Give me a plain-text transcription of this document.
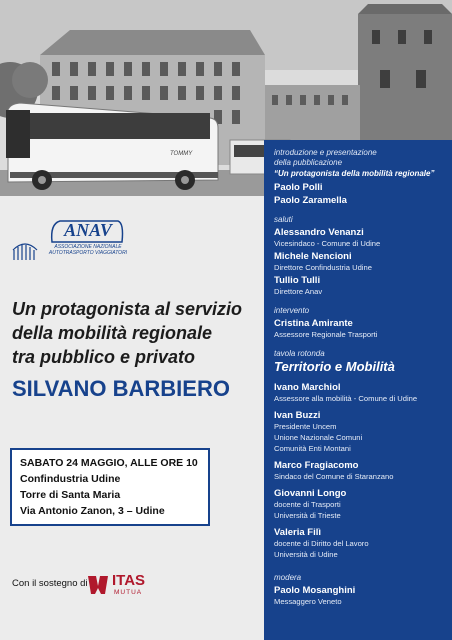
TOMMY
ANAV
ASSOCIAZIONE NAZIONALE
AUTOTRASPORTO VIAGGIATORI
Un protagonista al servizio
della mobilità regionale
tra pubblico e privato
SILVANO BARBIERO
SABATO 24 MAGGIO, ALLE ORE 10
Confindustria Udine
Torre di Santa Maria
Via Antonio Zanon, 3 – Udine
Con il sostegno di ITAS
MUTUA
introduzione e presentazione
della pubblicazione
“Un protagonista della mobilità regionale”
Paolo Polli
Paolo Zaramella
saluti
Alessandro Venanzi
Vicesindaco - Comune di Udine
Michele Nencioni
Direttore Confindustria Udine
Tullio Tulli
Direttore Anav
intervento
Cristina Amirante
Assessore Regionale Trasporti
tavola rotonda
Territorio e Mobilità
Ivano Marchiol
Assessore alla mobilità - Comune di Udine
Ivan Buzzi
Presidente Uncem
Unione Nazionale Comuni
Comunità Enti Montani
Marco Fragiacomo
Sindaco del Comune di Staranzano
Giovanni Longo
docente di Trasporti
Università di Trieste
Valeria Filì
docente di Diritto del Lavoro
Università di Udine
modera
Paolo Mosanghini
Messaggero Veneto
